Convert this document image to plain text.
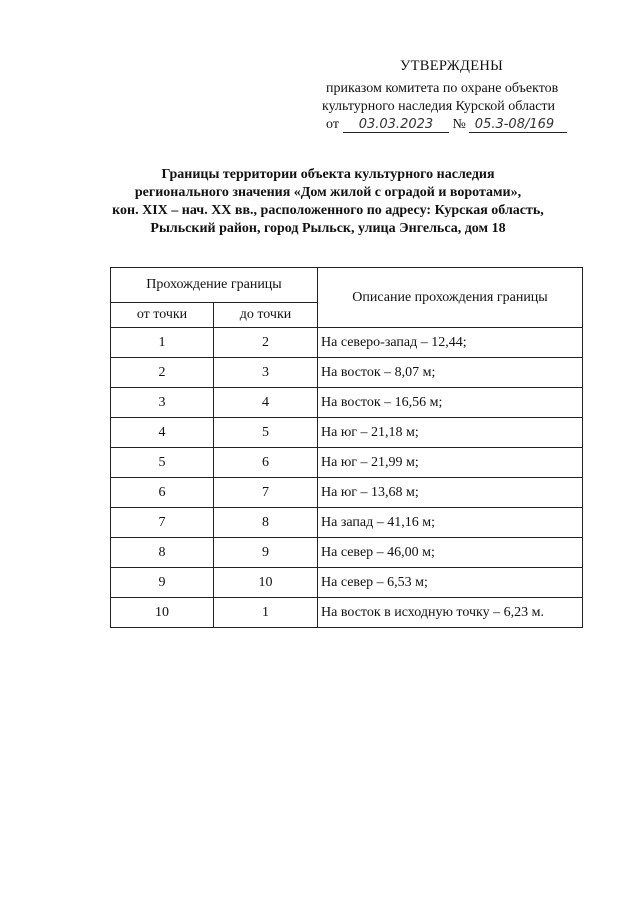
УТВЕРЖДЕНЫ
приказом комитета по охране объектов
культурного наследия Курской области
от 03.03.2023 № 05.3-08/169
Границы территории объекта культурного наследия
регионального значения «Дом жилой с оградой и воротами»,
кон. XIX – нач. XX вв., расположенного по адресу: Курская область,
Рыльский район, город Рыльск, улица Энгельса, дом 18
Прохождение границы		Описание прохождения границы
от точки	до точки	
1	2	На северо-запад – 12,44;
2	3	На восток – 8,07 м;
3	4	На восток – 16,56 м;
4	5	На юг – 21,18 м;
5	6	На юг – 21,99 м;
6	7	На юг – 13,68 м;
7	8	На запад – 41,16 м;
8	9	На север – 46,00 м;
9	10	На север – 6,53 м;
10	1	На восток в исходную точку – 6,23 м.
